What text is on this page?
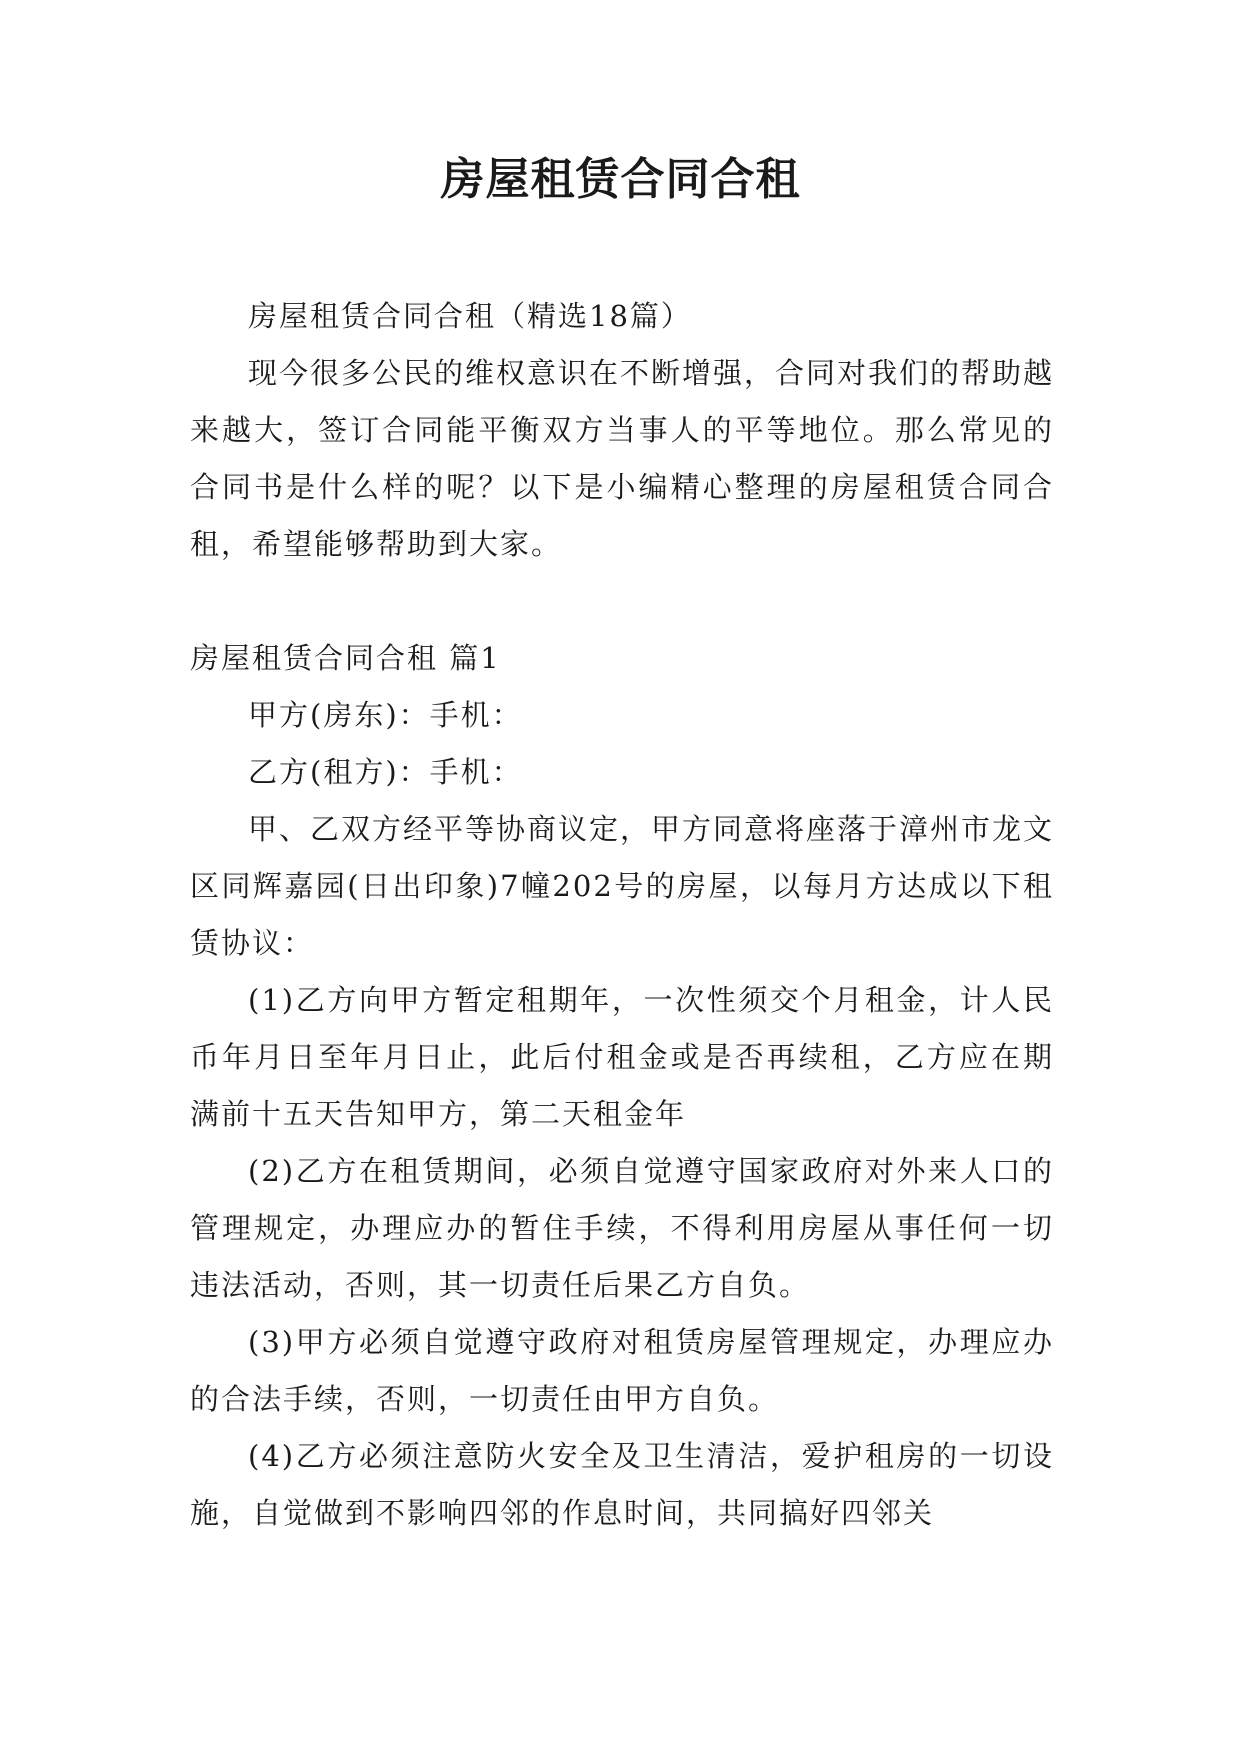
房屋租赁合同合租

房屋租赁合同合租（精选18篇）

现今很多公民的维权意识在不断增强，合同对我们的帮助越来越大，签订合同能平衡双方当事人的平等地位。那么常见的合同书是什么样的呢？以下是小编精心整理的房屋租赁合同合租，希望能够帮助到大家。

房屋租赁合同合租 篇1

甲方(房东)：手机：

乙方(租方)：手机：

甲、乙双方经平等协商议定，甲方同意将座落于漳州市龙文区同辉嘉园(日出印象)7幢202号的房屋，以每月方达成以下租赁协议：

(1)乙方向甲方暂定租期年，一次性须交个月租金，计人民币年月日至年月日止，此后付租金或是否再续租，乙方应在期满前十五天告知甲方，第二天租金年

(2)乙方在租赁期间，必须自觉遵守国家政府对外来人口的管理规定，办理应办的暂住手续，不得利用房屋从事任何一切违法活动，否则，其一切责任后果乙方自负。

(3)甲方必须自觉遵守政府对租赁房屋管理规定，办理应办的合法手续，否则，一切责任由甲方自负。

(4)乙方必须注意防火安全及卫生清洁，爱护租房的一切设施，自觉做到不影响四邻的作息时间，共同搞好四邻关
